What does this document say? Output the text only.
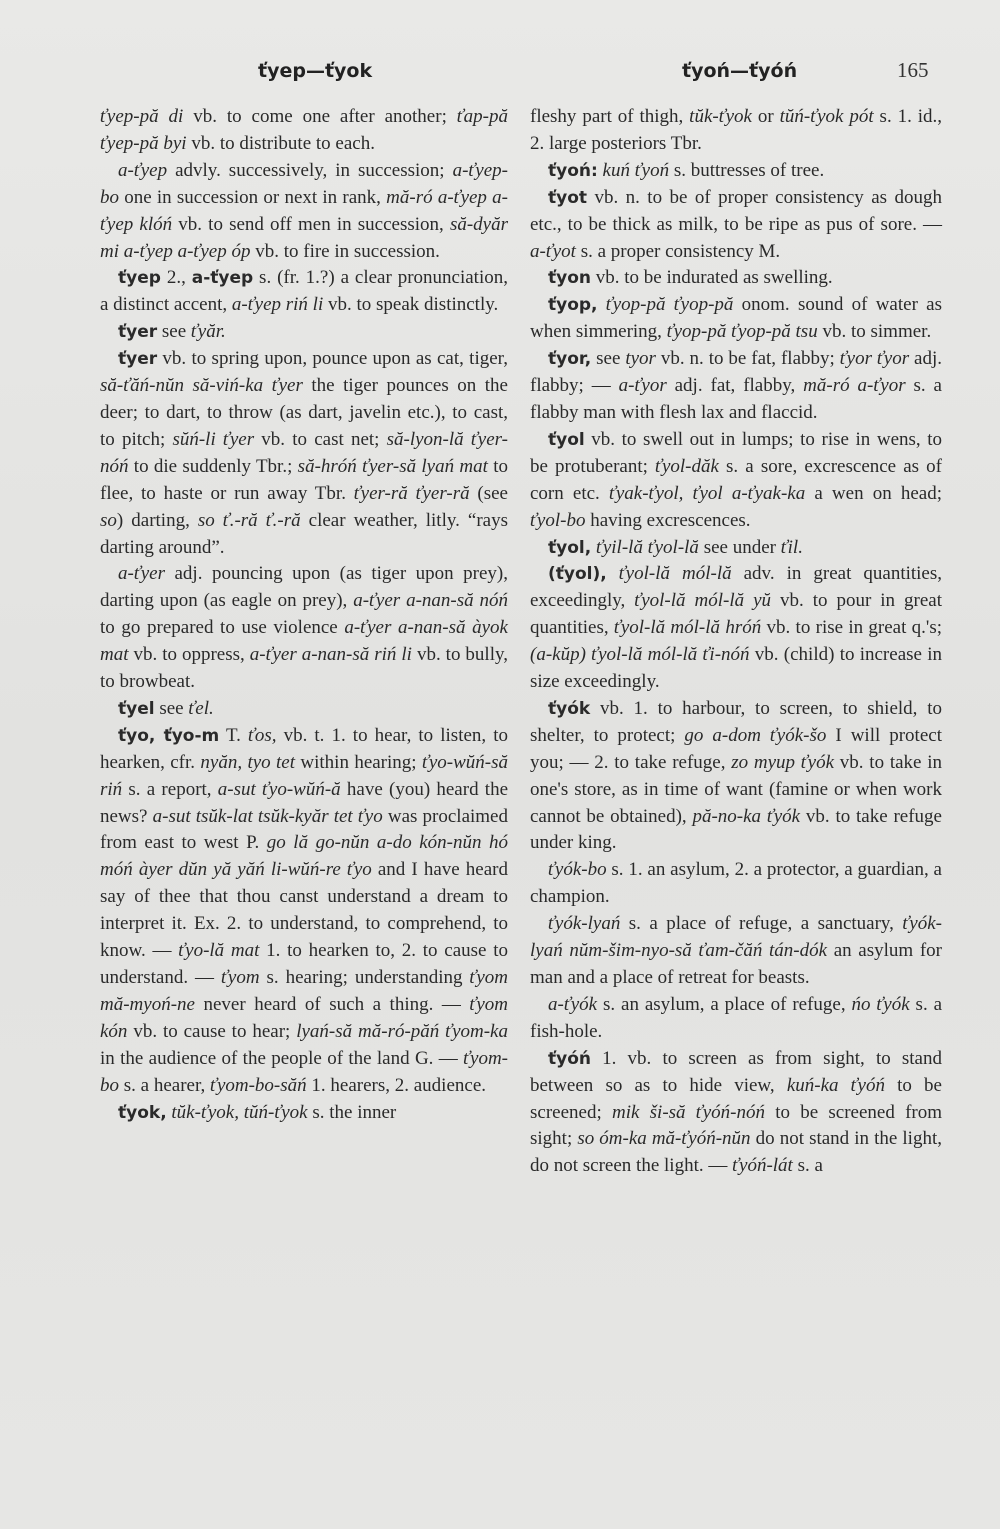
ťyep—ťyok	ťyoń—ťyóń	165

ťyep-pă di vb. to come one after another; ťap-pă ťyep-pă byi vb. to distribute to each.

a-ťyep advly. successively, in succession; a-ťyep-bo one in succession or next in rank, mă-ró a-ťyep a-ťyep klóń vb. to send off men in succession, să-dyăr mi a-ťyep a-ťyep óp vb. to fire in succession.

ťyep 2., a-ťyep s. (fr. 1.?) a clear pronunciation, a distinct accent, a-ťyep riń li vb. to speak distinctly.

ťyer see ťyăr.

ťyer vb. to spring upon, pounce upon as cat, tiger, să-ťăń-nŭn să-viń-ka ťyer the tiger pounces on the deer; to dart, to throw (as dart, javelin etc.), to cast, to pitch; sŭń-li ťyer vb. to cast net; să-lyon-lă ťyer-nóń to die suddenly Tbr.; să-hróń ťyer-să lyań mat to flee, to haste or run away Tbr. ťyer-ră ťyer-ră (see so) darting, so ť.-ră ť.-ră clear weather, litly. “rays darting around”.

a-ťyer adj. pouncing upon (as tiger upon prey), darting upon (as eagle on prey), a-ťyer a-nan-să nóń to go prepared to use violence a-ťyer a-nan-să àyok mat vb. to oppress, a-ťyer a-nan-să riń li vb. to bully, to browbeat.

ťyel see ťel.

ťyo, ťyo-m T. ťos, vb. t. 1. to hear, to listen, to hearken, cfr. nyăn, tyo tet within hearing; ťyo-wŭń-să riń s. a report, a-sut ťyo-wŭń-ă have (you) heard the news? a-sut tsŭk-lat tsŭk-kyăr tet ťyo was proclaimed from east to west P. go lă go-nŭn a-do kón-nŭn hó móń àyer dŭn yă yăń li-wŭń-re ťyo and I have heard say of thee that thou canst understand a dream to interpret it. Ex. 2. to understand, to comprehend, to know. — ťyo-lă mat 1. to hearken to, 2. to cause to understand. — ťyom s. hearing; understanding ťyom mă-myoń-ne never heard of such a thing. — ťyom kón vb. to cause to hear; lyań-să mă-ró-păń ťyom-ka in the audience of the people of the land G. — ťyom-bo s. a hearer, ťyom-bo-săń 1. hearers, 2. audience.

ťyok, tŭk-ťyok, tŭń-ťyok s. the inner

fleshy part of thigh, tŭk-ťyok or tŭń-ťyok pót s. 1. id., 2. large posteriors Tbr.

ťyoń: kuń ťyoń s. buttresses of tree.

ťyot vb. n. to be of proper consistency as dough etc., to be thick as milk, to be ripe as pus of sore. — a-ťyot s. a proper consistency M.

ťyon vb. to be indurated as swelling.

ťyop, ťyop-pă ťyop-pă onom. sound of water as when simmering, ťyop-pă ťyop-pă tsu vb. to simmer.

ťyor, see tyor vb. n. to be fat, flabby; ťyor ťyor adj. flabby; — a-ťyor adj. fat, flabby, mă-ró a-ťyor s. a flabby man with flesh lax and flaccid.

ťyol vb. to swell out in lumps; to rise in wens, to be protuberant; ťyol-dăk s. a sore, excrescence as of corn etc. ťyak-ťyol, ťyol a-ťyak-ka a wen on head; ťyol-bo having excrescences.

ťyol, ťyil-lă ťyol-lă see under ťil.

(ťyol), ťyol-lă mól-lă adv. in great quantities, exceedingly, ťyol-lă mól-lă yŭ vb. to pour in great quantities, ťyol-lă mól-lă hróń vb. to rise in great q.'s; (a-kŭp) ťyol-lă mól-lă ťi-nóń vb. (child) to increase in size exceedingly.

ťyók vb. 1. to harbour, to screen, to shield, to shelter, to protect; go a-dom ťyók-šo I will protect you; — 2. to take refuge, zo myup ťyók vb. to take in one's store, as in time of want (famine or when work cannot be obtained), pă-no-ka ťyók vb. to take refuge under king.

ťyók-bo s. 1. an asylum, 2. a protector, a guardian, a champion.

ťyók-lyań s. a place of refuge, a sanctuary, ťyók-lyań nŭm-šim-nyo-să ťam-čăń tán-dók an asylum for man and a place of retreat for beasts.

a-ťyók s. an asylum, a place of refuge, ńo ťyók s. a fish-hole.

ťyóń 1. vb. to screen as from sight, to stand between so as to hide view, kuń-ka ťyóń to be screened; mik ši-să ťyóń-nóń to be screened from sight; so óm-ka mă-ťyóń-nŭn do not stand in the light, do not screen the light. — ťyóń-lát s. a
